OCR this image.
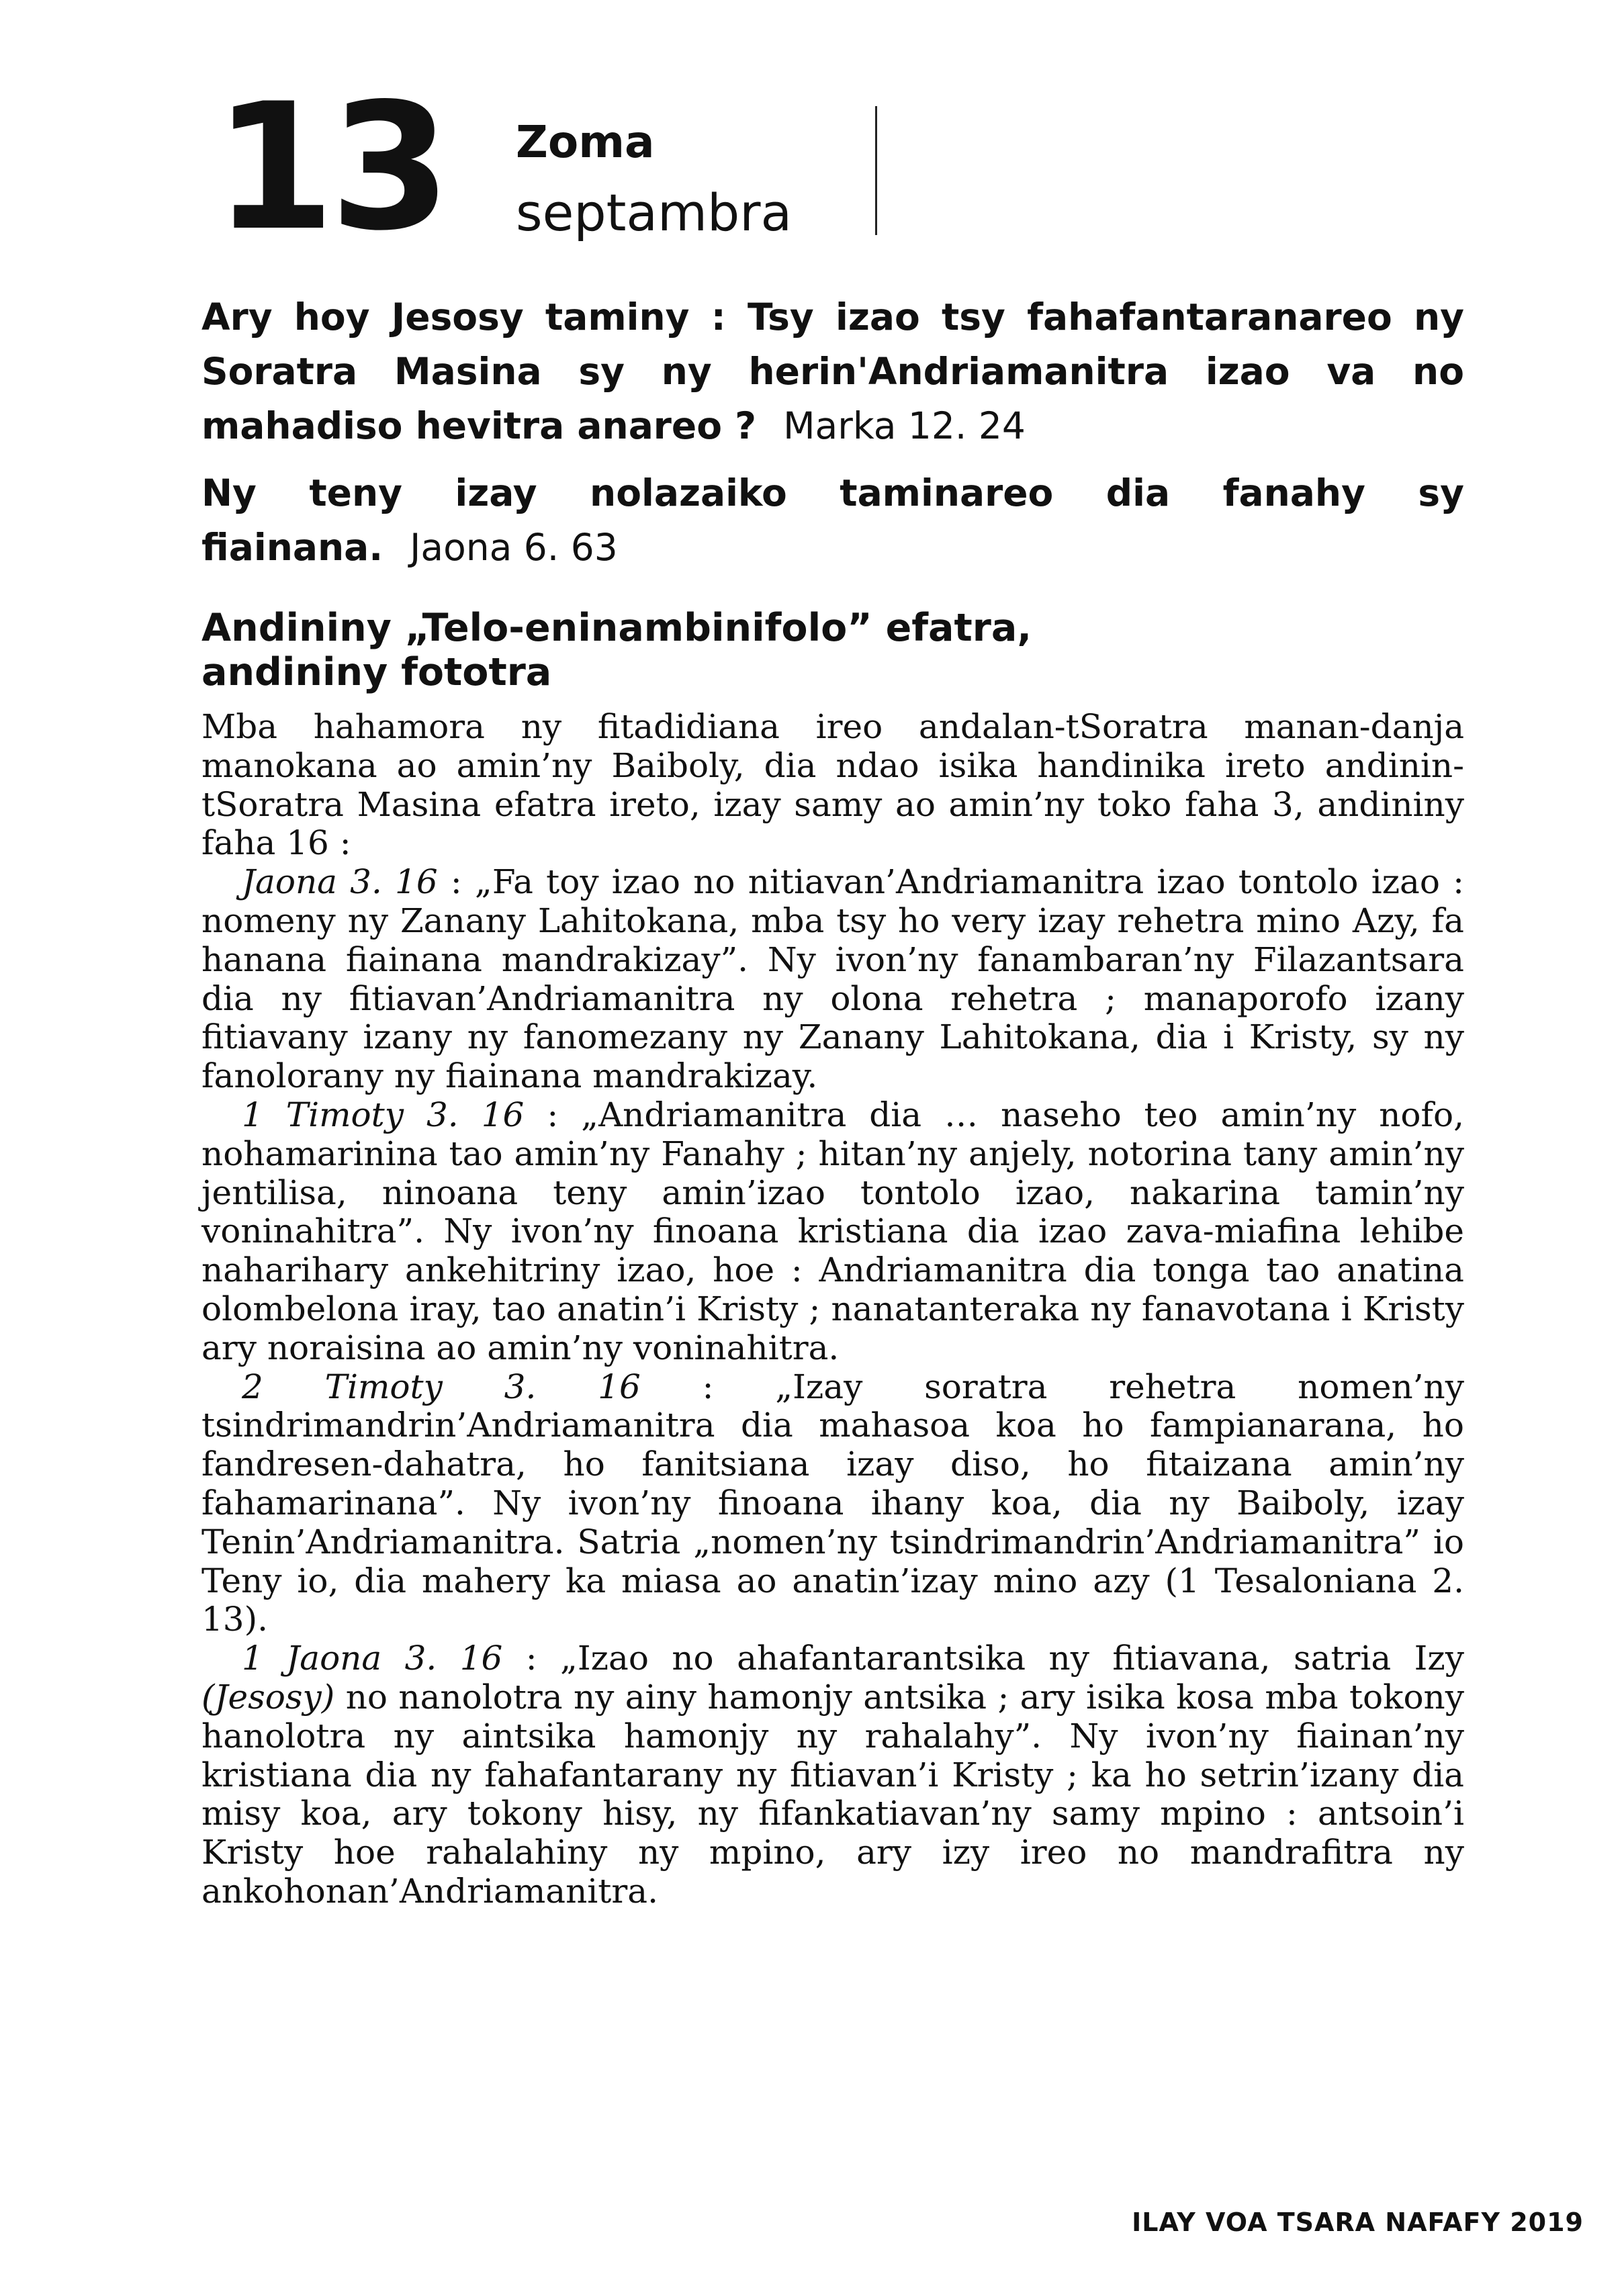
13 Zoma
septambra
Ary hoy Jesosy taminy : Tsy izao tsy fahafantaranareo ny Soratra Masina sy ny herin'Andriamanitra izao va no mahadiso hevitra anareo ? Marka 12. 24
Ny teny izay nolazaiko taminareo dia fanahy sy fiainana. Jaona 6. 63
Andininy „Telo-eninambinifolo” efatra,
andininy fototra

Mba hahamora ny fitadidiana ireo andalan-tSoratra manan-danja manokana ao amin’ny Baiboly, dia ndao isika handinika ireto andinin-tSoratra Masina efatra ireto, izay samy ao amin’ny toko faha 3, andininy faha 16 :

Jaona 3. 16 : „Fa toy izao no nitiavan’Andriamanitra izao tontolo izao : nomeny ny Zanany Lahitokana, mba tsy ho very izay rehetra mino Azy, fa hanana fiainana mandrakizay”. Ny ivon’ny fanambaran’ny Filazantsara dia ny fitiavan’Andriamanitra ny olona rehetra ; manaporofo izany fitiavany izany ny fanomezany ny Zanany Lahitokana, dia i Kristy, sy ny fanolorany ny fiainana mandrakizay.

1 Timoty 3. 16 : „Andriamanitra dia … naseho teo amin’ny nofo, nohamarinina tao amin’ny Fanahy ; hitan’ny anjely, notorina tany amin’ny jentilisa, ninoana teny amin’izao tontolo izao, nakarina tamin’ny voninahitra”. Ny ivon’ny finoana kristiana dia izao zava-miafina lehibe naharihary ankehitriny izao, hoe : Andriamanitra dia tonga tao anatina olombelona iray, tao anatin’i Kristy ; nanatanteraka ny fanavotana i Kristy ary noraisina ao amin’ny voninahitra.

2 Timoty 3. 16 : „Izay soratra rehetra nomen’ny tsindrimandrin’Andriamanitra dia mahasoa koa ho fampianarana, ho fandresen-dahatra, ho fanitsiana izay diso, ho fitaizana amin’ny fahamarinana”. Ny ivon’ny finoana ihany koa, dia ny Baiboly, izay Tenin’Andriamanitra. Satria „nomen’ny tsindrimandrin’Andriamanitra” io Teny io, dia mahery ka miasa ao anatin’izay mino azy (1 Tesaloniana 2. 13).

1 Jaona 3. 16 : „Izao no ahafantarantsika ny fitiavana, satria Izy (Jesosy) no nanolotra ny ainy hamonjy antsika ; ary isika kosa mba tokony hanolotra ny aintsika hamonjy ny rahalahy”. Ny ivon’ny fiainan’ny kristiana dia ny fahafantarany ny fitiavan’i Kristy ; ka ho setrin’izany dia misy koa, ary tokony hisy, ny fifankatiavan’ny samy mpino : antsoin’i Kristy hoe rahalahiny ny mpino, ary izy ireo no mandrafitra ny ankohonan’Andriamanitra.

ILAY VOA TSARA NAFAFY 2019
